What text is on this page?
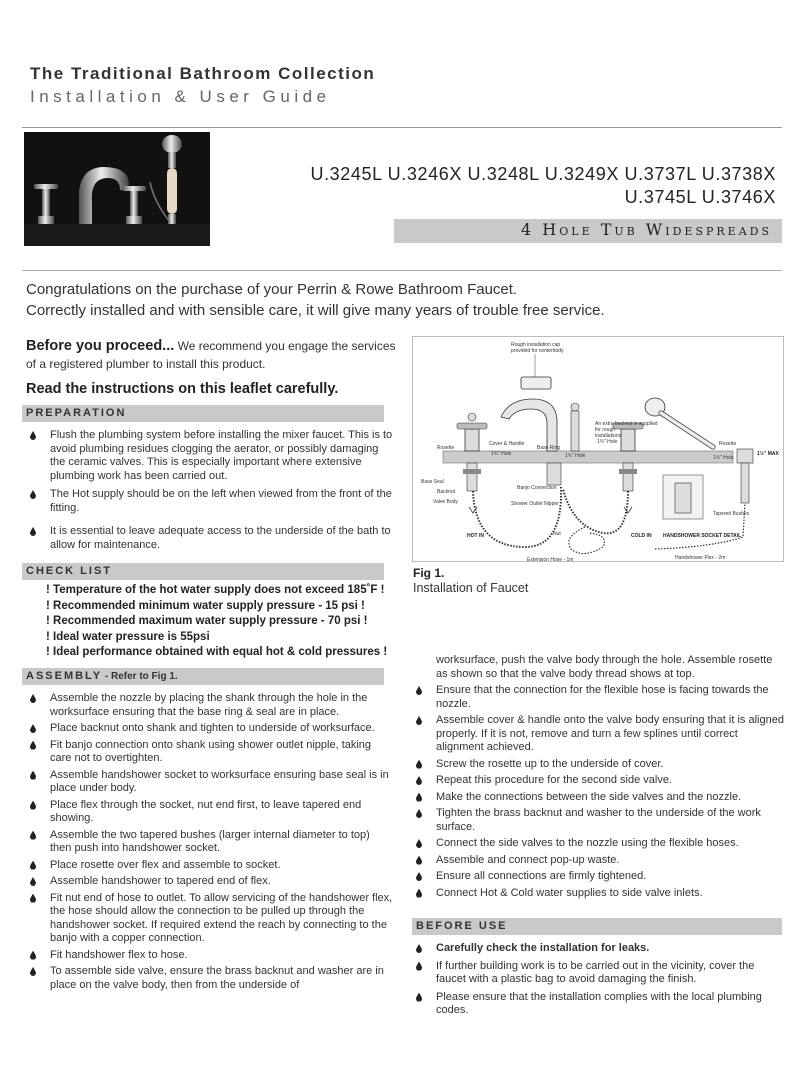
The Traditional Bathroom Collection
Installation & User Guide
U.3245L U.3246X U.3248L U.3249X U.3737L U.3738X
U.3745L U.3746X
4 Hole Tub Widespreads
Congratulations on the purchase of your Perrin & Rowe Bathroom Faucet.
Correctly installed and with sensible care, it will give many years of trouble free service.
Before you proceed... We recommend you engage the services of a registered plumber to install this product.
Read the instructions on this leaflet carefully.
PREPARATION
Flush the plumbing system before installing the mixer faucet. This is to avoid plumbing residues clogging the aerator, or possibly damaging the ceramic valves. This is especially important where extensive plumbing work has been carried out.
The Hot supply should be on the left when viewed from the front of the fitting.
It is essential to leave adequate access to the underside of the bath to allow for maintenance.
CHECK LIST
! Temperature of the hot water supply does not exceed 185˚F !
! Recommended minimum water supply pressure - 15 psi !
! Recommended maximum water supply pressure - 70 psi !
! Ideal water pressure is 55psi
! Ideal performance obtained with equal hot & cold pressures !
ASSEMBLY - Refer to Fig 1.
Assemble the nozzle by placing the shank through the hole in the worksurface ensuring that the base ring & seal are in place.
Place backnut onto shank and tighten to underside of worksurface.
Fit banjo connection onto shank using shower outlet nipple, taking care not to overtighten.
Assemble handshower socket to worksurface ensuring base seal is in place under body.
Place flex through the socket, nut end first, to leave tapered end showing.
Assemble the two tapered bushes (larger internal diameter to top) then push into handshower socket.
Place rosette over flex and assemble to socket.
Assemble handshower to tapered end of flex.
Fit nut end of hose to outlet. To allow servicing of the handshower flex, the hose should allow the connection to be pulled up through the handshower socket. If required extend the reach by connecting to the banjo with a copper connection.
Fit handshower flex to hose.
To assemble side valve, ensure the brass backnut and washer are in place on the valve body, then from the underside of
Rough installation cap
provided for centerbody
An extra backnut is supplied
for rough
installations
Rosette
Cover & Handle
Base Ring
1¾" Hole	1¾" Hole
1¾" Hole
1¾" Hole
Rosette
1½" MAX
Base Seal
Backnut
Valve Body
Banjo Connection
Shower Outlet Nipple
Nut
HOT IN	COLD IN HANDSHOWER SOCKET DETAIL
Tapered Bushes
Extension Hose - 1m	Handshower Flex - 2m
Fig 1.
Installation of Faucet
worksurface, push the valve body through the hole. Assemble rosette as shown so that the valve body thread shows at top.
Ensure that the connection for the flexible hose is facing towards the nozzle.
Assemble cover & handle onto the valve body ensuring that it is aligned properly. If it is not, remove and turn a few splines until correct alignment achieved.
Screw the rosette up to the underside of cover.
Repeat this procedure for the second side valve.
Make the connections between the side valves and the nozzle.
Tighten the brass backnut and washer to the underside of the work surface.
Connect the side valves to the nozzle using the flexible hoses.
Assemble and connect pop-up waste.
Ensure all connections are firmly tightened.
Connect Hot & Cold water supplies to side valve inlets.
BEFORE USE
Carefully check the installation for leaks.
If further building work is to be carried out in the vicinity, cover the faucet with a plastic bag to avoid damaging the finish.
Please ensure that the installation complies with the local plumbing codes.
